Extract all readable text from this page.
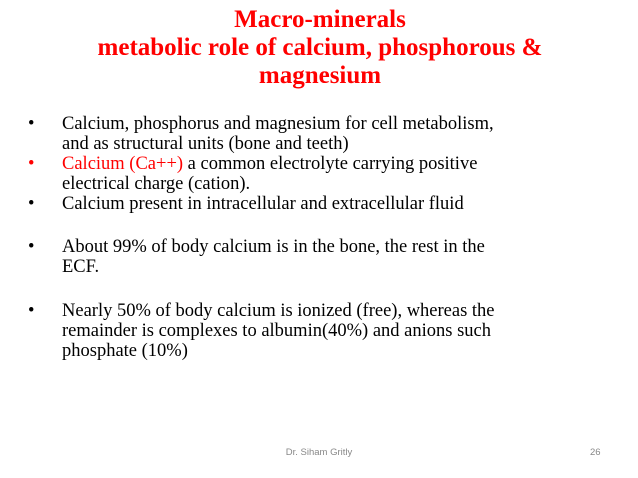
Macro-minerals
metabolic role of calcium, phosphorous &
magnesium
•	Calcium, phosphorus and magnesium for cell metabolism,
and as structural units (bone and teeth)
•	Calcium (Ca++) a common electrolyte carrying positive
electrical charge (cation).
•	Calcium present in intracellular and extracellular fluid
•	About 99% of body calcium is in the bone, the rest in the
ECF.
•	Nearly 50% of body calcium is ionized (free), whereas the
remainder is complexes to albumin(40%) and anions such
phosphate (10%)
Dr. Siham Gritly	26
